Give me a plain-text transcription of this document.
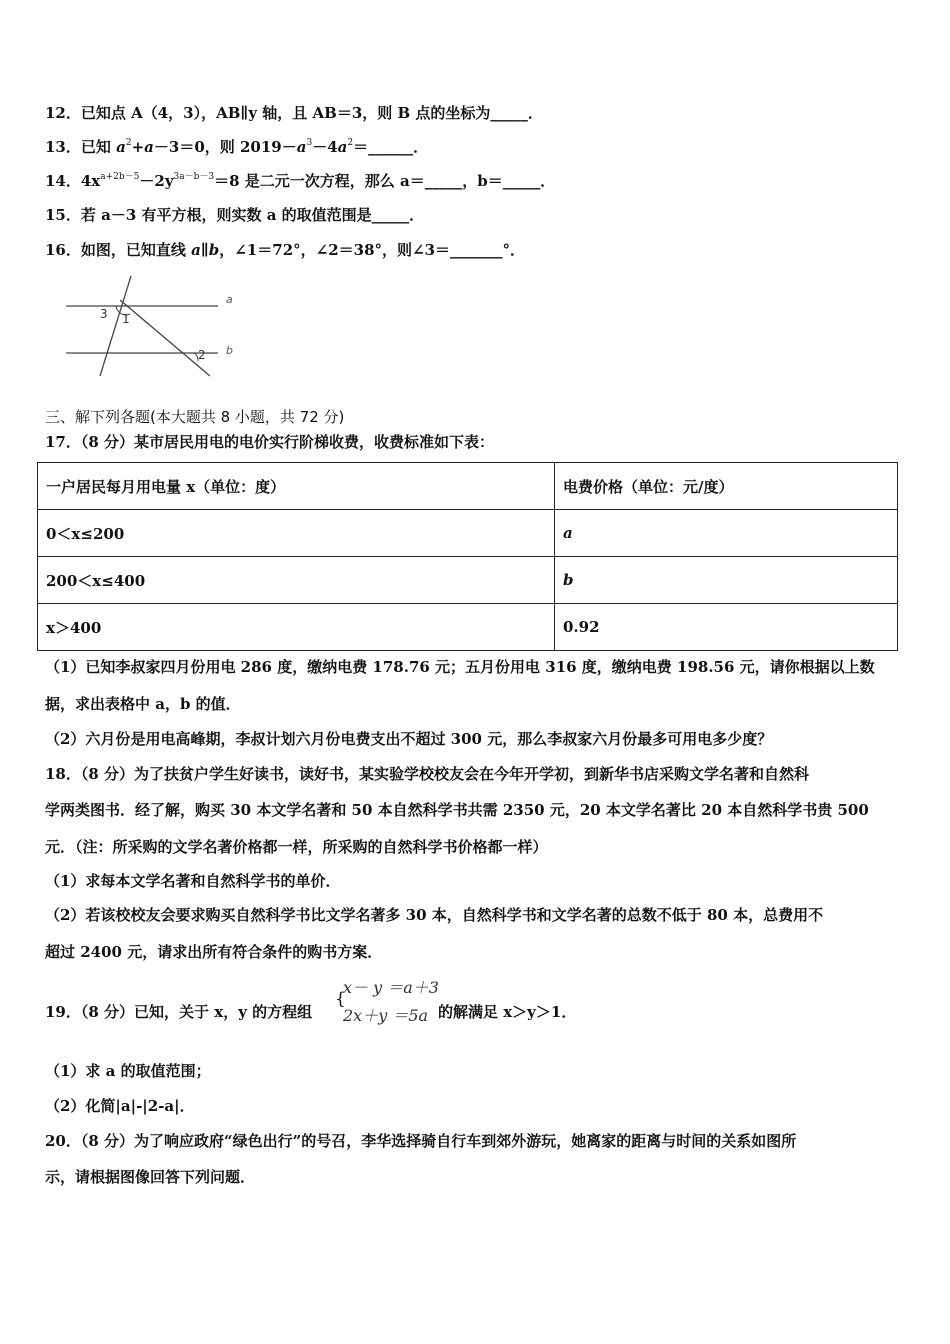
12．已知点 A（4，3），AB∥y 轴，且 AB＝3，则 B 点的坐标为_____．
13．已知 $a^2+a-3=0$，则 $2019-a^3-4a^2=\_\_\_\_\_\_$．
14．$4x^{a+2b-5}-2y^{3a-b-3}=8$ 是二元一次方程，那么 a＝_____，b＝_____．
15．若 a－3 有平方根，则实数 a 的取值范围是_____．
16．如图，已知直线 a∥b，∠1＝72°，∠2＝38°，则∠3＝_______°．
a
b
1
2
3
三、解下列各题(本大题共 8 小题，共 72 分)
17．（8 分）某市居民用电的电价实行阶梯收费，收费标准如下表：
一户居民每月用电量 x（单位：度）	电费价格（单位：元/度）
0＜x≤200	a
200＜x≤400	b
x＞400	0.92
（1）已知李叔家四月份用电 286 度，缴纳电费 178.76 元；五月份用电 316 度，缴纳电费 198.56 元，请你根据以上数
据，求出表格中 a，b 的值．
（2）六月份是用电高峰期，李叔计划六月份电费支出不超过 300 元，那么李叔家六月份最多可用电多少度？
18．（8 分）为了扶贫户学生好读书，读好书，某实验学校校友会在今年开学初，到新华书店采购文学名著和自然科
学两类图书．经了解，购买 30 本文学名著和 50 本自然科学书共需 2350 元，20 本文学名著比 20 本自然科学书贵 500
元．（注：所采购的文学名著价格都一样，所采购的自然科学书价格都一样）
（1）求每本文学名著和自然科学书的单价．
（2）若该校校友会要求购买自然科学书比文学名著多 30 本，自然科学书和文学名著的总数不低于 80 本，总费用不
超过 2400 元，请求出所有符合条件的购书方案．
19．（8 分）已知，关于 x，y 的方程组
{
x－ y ＝a＋3
2x＋y ＝5a 的解满足 x＞y＞1．
（1）求 a 的取值范围；
（2）化简|a|-|2-a|．
20．（8 分）为了响应政府“绿色出行”的号召，李华选择骑自行车到郊外游玩，她离家的距离与时间的关系如图所
示，请根据图像回答下列问题．
